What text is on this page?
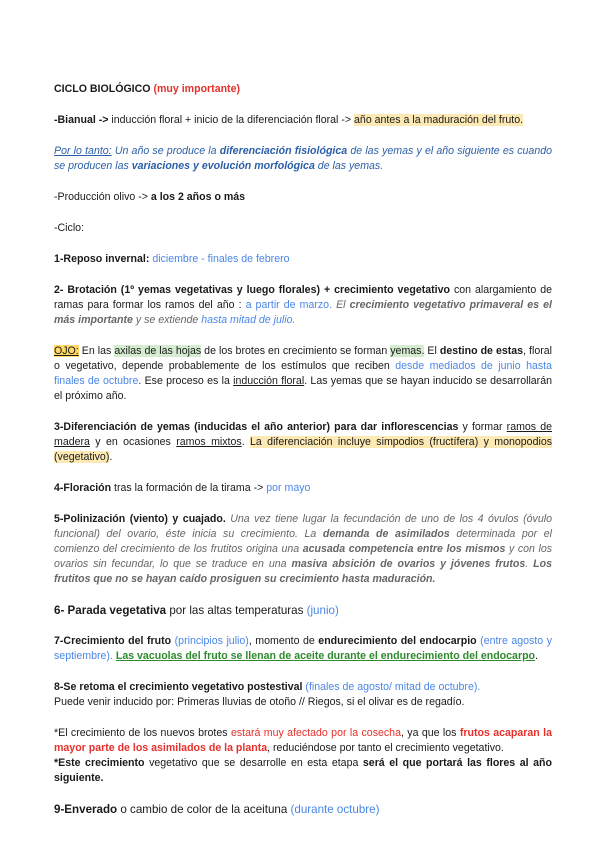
CICLO BIOLÓGICO (muy importante)

-Bianual -> inducción floral + inicio de la diferenciación floral -> año antes a la maduración del fruto.

Por lo tanto: Un año se produce la diferenciación fisiológica de las yemas y el año siguiente es cuando se producen las variaciones y evolución morfológica de las yemas.

-Producción olivo -> a los 2 años o más

-Ciclo:

1-Reposo invernal: diciembre - finales de febrero

2- Brotación (1º yemas vegetativas y luego florales) + crecimiento vegetativo con alargamiento de ramas para formar los ramos del año : a partir de marzo. El crecimiento vegetativo primaveral es el más importante y se extiende hasta mitad de julio.

OJO: En las axilas de las hojas de los brotes en crecimiento se forman yemas. El destino de estas, floral o vegetativo, depende probablemente de los estímulos que reciben desde mediados de junio hasta finales de octubre. Ese proceso es la inducción floral. Las yemas que se hayan inducido se desarrollarán el próximo año.

3-Diferenciación de yemas (inducidas el año anterior) para dar inflorescencias y formar ramos de madera y en ocasiones ramos mixtos. La diferenciación incluye simpodios (fructífera) y monopodios (vegetativo).

4-Floración tras la formación de la tirama -> por mayo

5-Polinización (viento) y cuajado. Una vez tiene lugar la fecundación de uno de los 4 óvulos (óvulo funcional) del ovario, éste inicia su crecimiento. La demanda de asimilados determinada por el comienzo del crecimiento de los frutitos origina una acusada competencia entre los mismos y con los ovarios sin fecundar, lo que se traduce en una masiva absición de ovarios y jóvenes frutos. Los frutitos que no se hayan caído prosiguen su crecimiento hasta maduración.

6- Parada vegetativa por las altas temperaturas (junio)

7-Crecimiento del fruto (principios julio), momento de endurecimiento del endocarpio (entre agosto y septiembre). Las vacuolas del fruto se llenan de aceite durante el endurecimiento del endocarpo.

8-Se retoma el crecimiento vegetativo postestival (finales de agosto/ mitad de octubre).

Puede venir inducido por: Primeras lluvias de otoño // Riegos, si el olivar es de regadío.

*El crecimiento de los nuevos brotes estará muy afectado por la cosecha, ya que los frutos acaparan la mayor parte de los asimilados de la planta, reduciéndose por tanto el crecimiento vegetativo.

*Este crecimiento vegetativo que se desarrolle en esta etapa será el que portará las flores al año siguiente.

9-Enverado o cambio de color de la aceituna (durante octubre)
